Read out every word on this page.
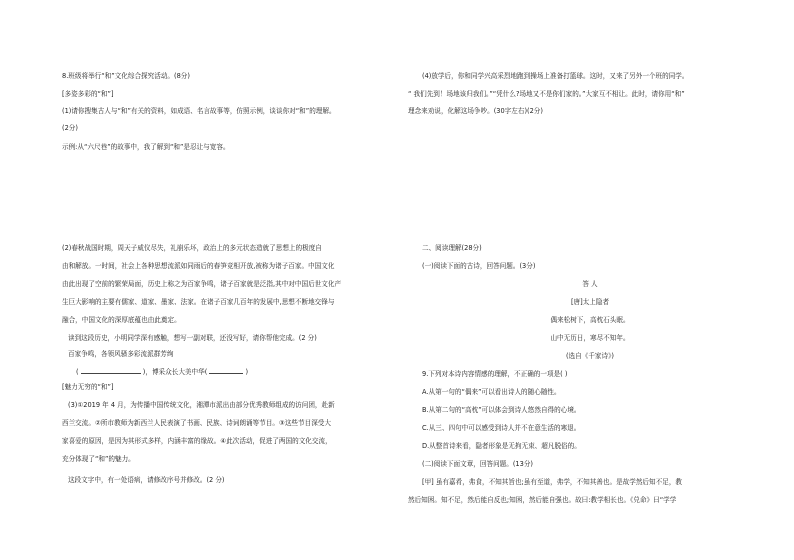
8.班级将举行“和”文化综合探究活动。(8分)
[多姿多彩的“和”]
(1)请你搜集古人与“和”有关的资料，如成语、名言故事等，仿照示例，谈谈你对“和”的理解。
(2分)
示例:从“六尺巷”的故事中，我了解到“和”是忍让与宽容。
(2)春秋战国时期，周天子威仪尽失，礼崩乐坏，政治上的多元状态造就了思想上的极度自
由和解放。一时间，社会上各种思想流派如同雨后的春笋竞相开放,被称为诸子百家。中国文化
由此出现了空前的繁荣局面，历史上称之为百家争鸣，诸子百家就是泛指,其中对中国后世文化产
生巨大影响的主要有儒家、道家、墨家、法家。在诸子百家几百年的发展中,思想不断地交锋与
融合，中国文化的深厚底蕴也由此奠定。
读到这段历史，小明同学深有感触，想写一副对联，还没写好，请你帮他完成。(2 分)
百家争鸣，各领风骚多彩流派群芳绚
(	)，博采众长大美中华(	)
[魅力无穷的“和”]
(3)①2019 年 4 月，为传播中国传统文化，湘潭市派出由部分优秀教师组成的访问团，赴新
西兰交流。②所市教师为新西兰人民表演了书画、民族、诗词朗诵等节目。③这些节目深受大
家喜爱的原因，是因为其形式多样，内涵丰富的缘故。④此次活动，促进了两国的文化交流，
充分体现了“和”的魅力。
这段文字中，有一处语病，请修改序号并修改。(2 分)
(4)放学后，你和同学兴高采烈地跑到操场上准备打篮球。这时，又来了另外一个班的同学。
“ 我们先到！场地该归我们。”“凭什么?场地又不是你们家的。”大家互不相让。此时，请你用“和”
理念来劝说，化解这场争吵。(30字左右)(2分)
二、阅读理解(28分)
(一)阅读下面的古诗，回答问题。(3分)
答 人
[唐]太上隐者
偶来松树下，高枕石头眠。
山中无历日，寒尽不知年。
(选自《千家诗》)
9.下列对本诗内容情感的理解，不正确的一项是( )
A.从第一句的“偶来”可以看出诗人的随心随性。
B.从第二句的“高枕”可以体会到诗人悠然自得的心境。
C.从三、四句中可以感受到诗人并不在意生活的寒退。
D.从整首诗来看，隐者形象是无拘无束、超凡脱俗的。
(二)阅读下面文章，回答问题。(13分)
[甲] 虽有嘉肴，弗食，不知其旨也;虽有至道，弗学，不知其善也。是故学然后知不足，教
然后知困。知不足，然后能自反也;知困，然后能自强也。故曰:教学相长也。《兑命》曰“学学
